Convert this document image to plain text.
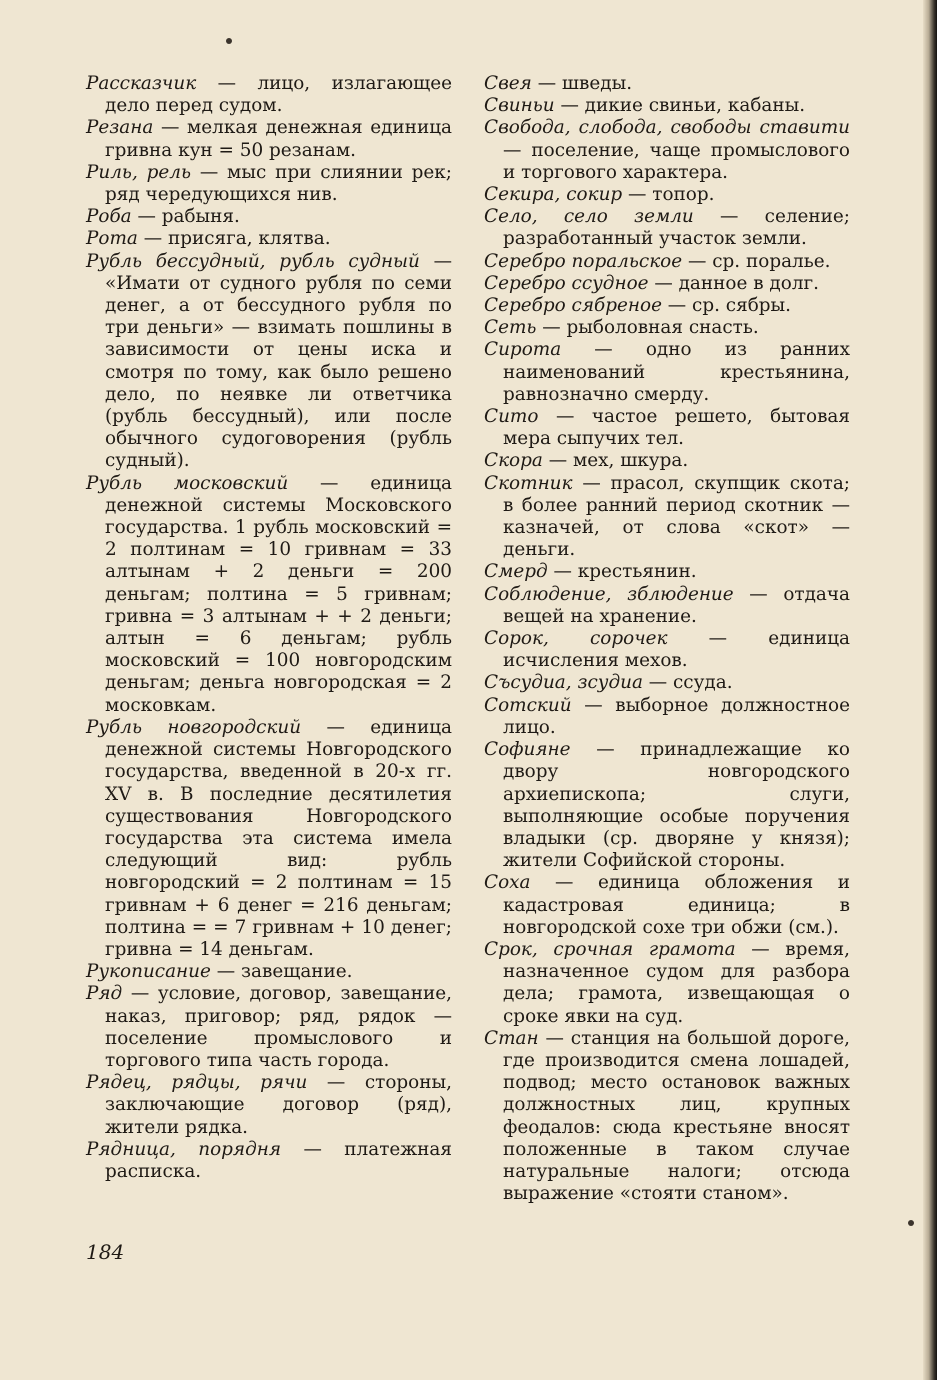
Рассказчик — лицо, излагающее дело перед судом.

Резана — мелкая денежная единица гривна кун = 50 резанам.

Риль, рель — мыс при слиянии рек; ряд чередующихся нив.

Роба — рабыня.

Рота — присяга, клятва.

Рубль бессудный, рубль судный — «Имати от судного рубля по семи денег, а от бессудного рубля по три деньги» — взимать пошлины в зависимости от цены иска и смотря по тому, как было решено дело, по неявке ли ответчика (рубль бессудный), или после обычного судоговорения (рубль судный).

Рубль московский — единица денежной системы Московского государства. 1 рубль московский = 2 полтинам = 10 гривнам = 33 алтынам + 2 деньги = 200 деньгам; полтина = 5 гривнам; гривна = 3 алтынам + + 2 деньги; алтын = 6 деньгам; рубль московский = 100 новгородским деньгам; деньга новгородская = 2 московкам.

Рубль новгородский — единица денежной системы Новгородского государства, введенной в 20-х гг. XV в. В последние десятилетия существования Новгородского государства эта система имела следующий вид: рубль новгородский = 2 полтинам = 15 гривнам + 6 денег = 216 деньгам; полтина = = 7 гривнам + 10 денег; гривна = 14 деньгам.

Рукописание — завещание.

Ряд — условие, договор, завещание, наказ, приговор; ряд, рядок — поселение промыслового и торгового типа часть города.

Рядец, рядцы, рячи — стороны, заключающие договор (ряд), жители рядка.

Рядница, порядня — платежная расписка.

Свея — шведы.

Свиньи — дикие свиньи, кабаны.

Свобода, слобода, свободы ставити — поселение, чаще промыслового и торгового характера.

Секира, сокир — топор.

Село, село земли — селение; разработанный участок земли.

Серебро поральское — ср. поралье.

Серебро ссудное — данное в долг.

Серебро сябреное — ср. сябры.

Сеть — рыболовная снасть.

Сирота — одно из ранних наименований крестьянина, равнозначно смерду.

Сито — частое решето, бытовая мера сыпучих тел.

Скора — мех, шкура.

Скотник — прасол, скупщик скота; в более ранний период скотник — казначей, от слова «скот» — деньги.

Смерд — крестьянин.

Соблюдение, зблюдение — отдача вещей на хранение.

Сорок, сорочек — единица исчисления мехов.

Съсудиа, зсудиа — ссуда.

Сотский — выборное должностное лицо.

Софияне — принадлежащие ко двору новгородского архиепископа; слуги, выполняющие особые поручения владыки (ср. дворяне у князя); жители Софийской стороны.

Соха — единица обложения и кадастровая единица; в новгородской сохе три обжи (см.).

Срок, срочная грамота — время, назначенное судом для разбора дела; грамота, извещающая о сроке явки на суд.

Стан — станция на большой дороге, где производится смена лошадей, подвод; место остановок важных должностных лиц, крупных феодалов: сюда крестьяне вносят положенные в таком случае натуральные налоги; отсюда выражение «стояти станом».

184
